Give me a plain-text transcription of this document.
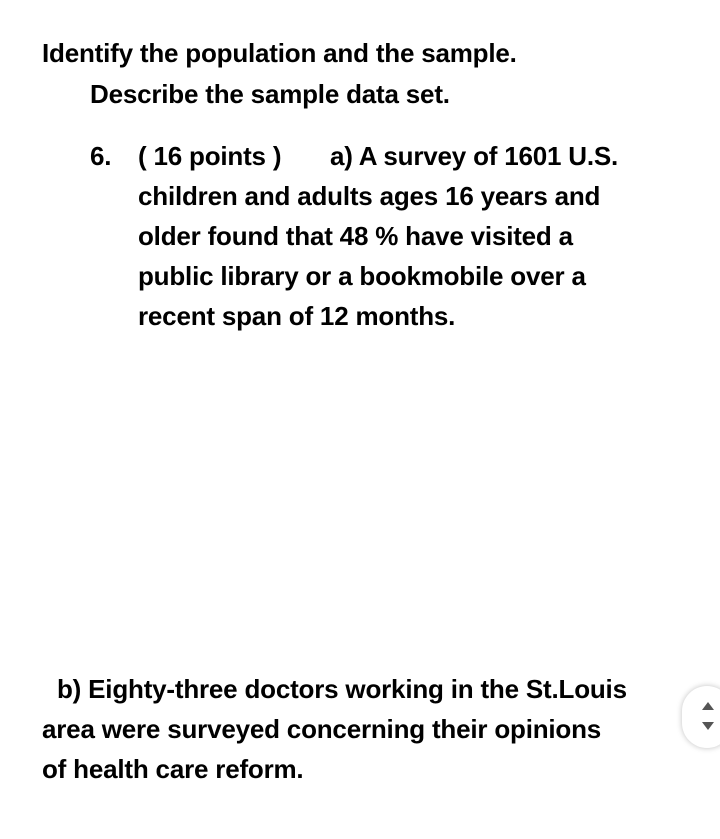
Identify the population and the sample.
Describe the sample data set.
6. ( 16 points ) a) A survey of 1601 U.S.
children and adults ages 16 years and
older found that 48 % have visited a
public library or a bookmobile over a
recent span of 12 months.
b) Eighty-three doctors working in the St.Louis
area were surveyed concerning their opinions
of health care reform.
